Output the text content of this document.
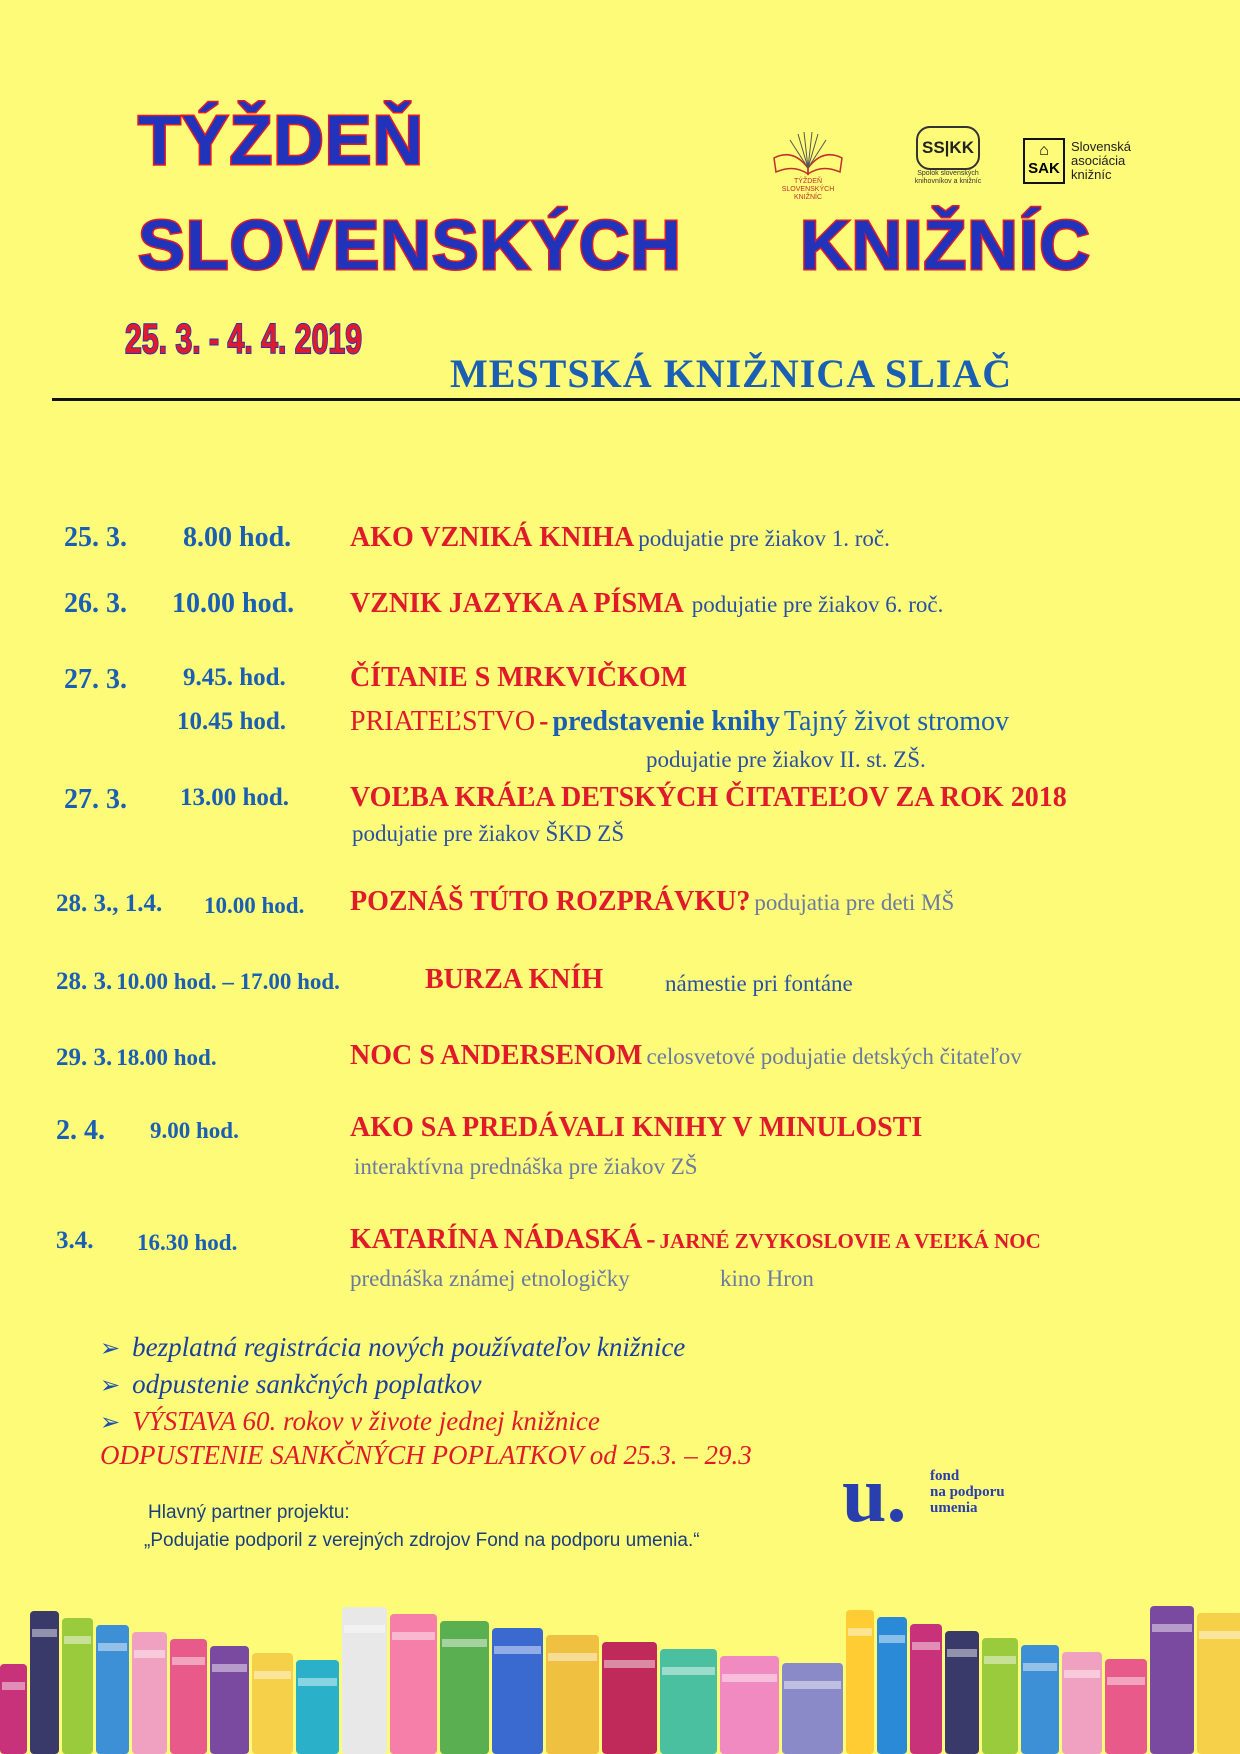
TÝŽDEŇ
SLOVENSKÝCH KNIŽNÍC
25. 3. - 4. 4. 2019
MESTSKÁ KNIŽNICA SLIAČ
TÝŽDEŇ SLOVENSKÝCH KNIŽNÍC
SS|KK
Spolok slovenských knihovníkov a knižníc
⌂
SAK
Slovenská asociácia knižníc
25. 3. 8.00 hod. AKO VZNIKÁ KNIHA podujatie pre žiakov 1. roč.
26. 3. 10.00 hod. VZNIK JAZYKA A PÍSMA podujatie pre žiakov 6. roč.
27. 3. 9.45. hod. ČÍTANIE S MRKVIČKOM
10.45 hod. PRIATEĽSTVO - predstavenie knihy Tajný život stromov
podujatie pre žiakov II. st. ZŠ.
27. 3. 13.00 hod. VOĽBA KRÁĽA DETSKÝCH ČITATEĽOV ZA ROK 2018
podujatie pre žiakov ŠKD ZŠ
28. 3., 1.4. 10.00 hod. POZNÁŠ TÚTO ROZPRÁVKU? podujatia pre deti MŠ
28. 3. 10.00 hod. – 17.00 hod.	BURZA KNÍH	námestie pri fontáne
29. 3. 18.00 hod.	NOC S ANDERSENOM celosvetové podujatie detských čitateľov
2. 4. 9.00 hod.	AKO SA PREDÁVALI KNIHY V MINULOSTI
interaktívna prednáška pre žiakov ZŠ
3.4. 16.30 hod.	KATARÍNA NÁDASKÁ - JARNÉ ZVYKOSLOVIE A VEĽKÁ NOC
prednáška známej etnologičky	kino Hron
➢ bezplatná registrácia nových používateľov knižnice
➢ odpustenie sankčných poplatkov
➢ VÝSTAVA 60. rokov v živote jednej knižnice
ODPUSTENIE SANKČNÝCH POPLATKOV od 25.3. – 29.3
Hlavný partner projektu:
„Podujatie podporil z verejných zdrojov Fond na podporu umenia.“
u. fond
na podporu
umenia
